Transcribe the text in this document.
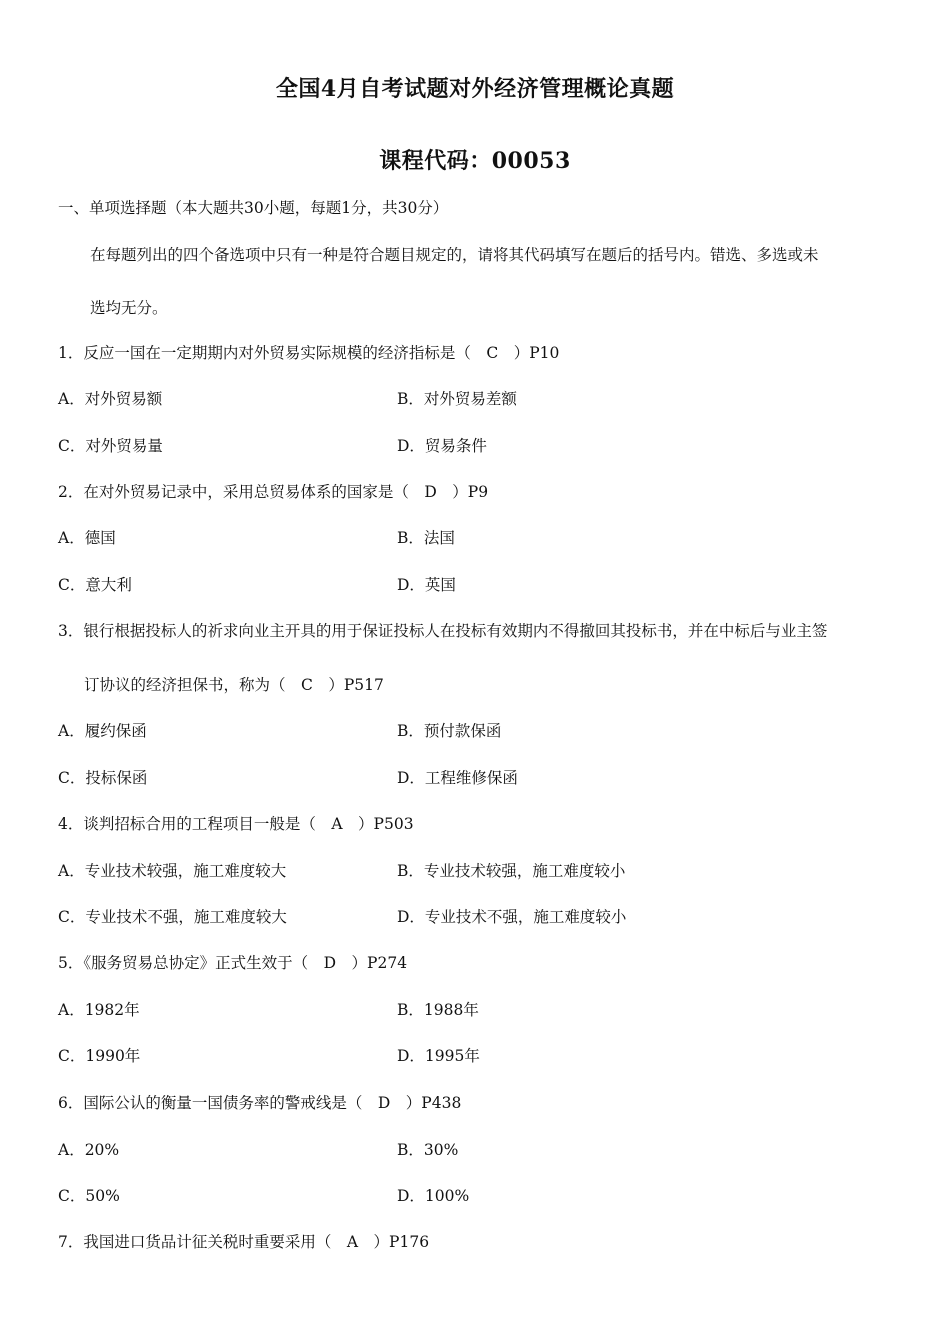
全国4月自考试题对外经济管理概论真题
课程代码：00053
一、单项选择题（本大题共30小题，每题1分，共30分）
在每题列出的四个备选项中只有一种是符合题目规定的，请将其代码填写在题后的括号内。错选、多选或未
选均无分。
1．反应一国在一定期期内对外贸易实际规模的经济指标是（　C　）P10
A．对外贸易额	B．对外贸易差额
C．对外贸易量	D．贸易条件
2．在对外贸易记录中，采用总贸易体系的国家是（　D　）P9
A．德国	B．法国
C．意大利	D．英国
3．银行根据投标人的祈求向业主开具的用于保证投标人在投标有效期内不得撤回其投标书，并在中标后与业主签
订协议的经济担保书，称为（　C　）P517
A．履约保函	B．预付款保函
C．投标保函	D．工程维修保函
4．谈判招标合用的工程项目一般是（　A　）P503
A．专业技术较强，施工难度较大	B．专业技术较强，施工难度较小
C．专业技术不强，施工难度较大	D．专业技术不强，施工难度较小
5．《服务贸易总协定》正式生效于（　D　）P274
A．1982年	B．1988年
C．1990年	D．1995年
6．国际公认的衡量一国债务率的警戒线是（　D　）P438
A．20%	B．30%
C．50%	D．100%
7．我国进口货品计征关税时重要采用（　A　）P176
